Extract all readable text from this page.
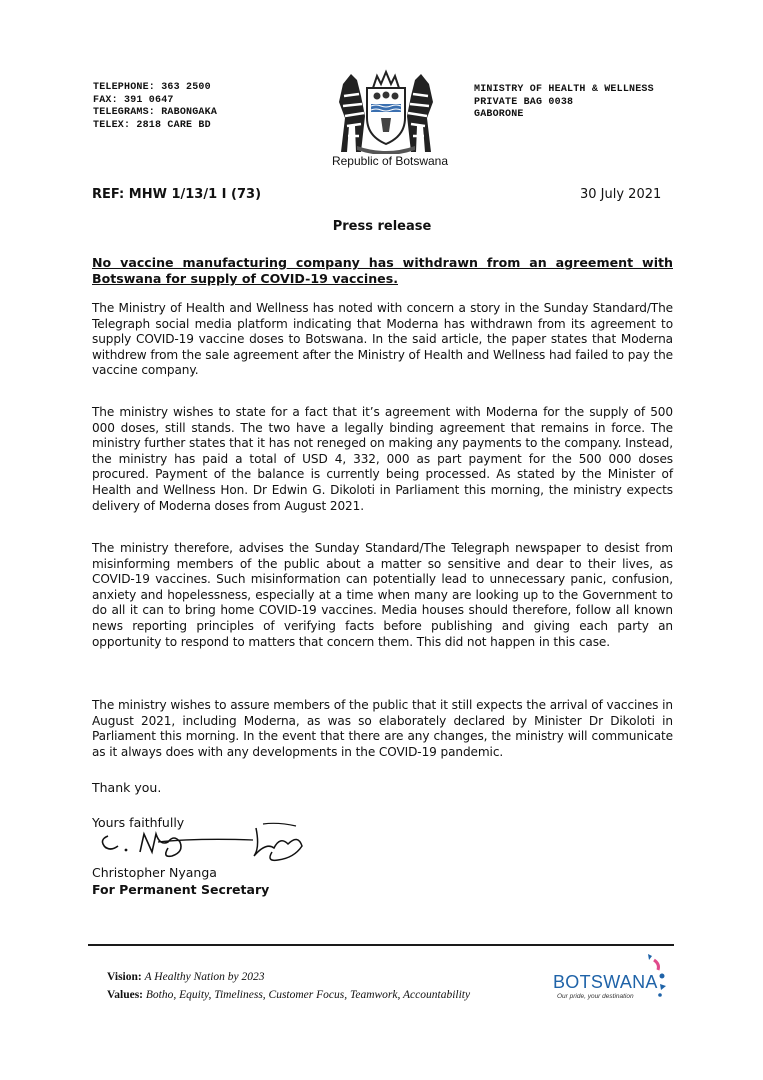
TELEPHONE: 363 2500
FAX: 391 0647
TELEGRAMS: RABONGAKA
TELEX: 2818 CARE BD
MINISTRY OF HEALTH & WELLNESS
PRIVATE BAG 0038
GABORONE
Republic of Botswana
REF: MHW 1/13/1 I (73)	30 July 2021
Press release
No vaccine manufacturing company has withdrawn from an agreement with Botswana for supply of COVID-19 vaccines.
The Ministry of Health and Wellness has noted with concern a story in the Sunday Standard/The Telegraph social media platform indicating that Moderna has withdrawn from its agreement to supply COVID-19 vaccine doses to Botswana. In the said article, the paper states that Moderna withdrew from the sale agreement after the Ministry of Health and Wellness had failed to pay the vaccine company.
The ministry wishes to state for a fact that it’s agreement with Moderna for the supply of 500 000 doses, still stands. The two have a legally binding agreement that remains in force. The ministry further states that it has not reneged on making any payments to the company. Instead, the ministry has paid a total of USD 4, 332, 000 as part payment for the 500 000 doses procured. Payment of the balance is currently being processed. As stated by the Minister of Health and Wellness Hon. Dr Edwin G. Dikoloti in Parliament this morning, the ministry expects delivery of Moderna doses from August 2021.
The ministry therefore, advises the Sunday Standard/The Telegraph newspaper to desist from misinforming members of the public about a matter so sensitive and dear to their lives, as COVID-19 vaccines. Such misinformation can potentially lead to unnecessary panic, confusion, anxiety and hopelessness, especially at a time when many are looking up to the Government to do all it can to bring home COVID-19 vaccines. Media houses should therefore, follow all known news reporting principles of verifying facts before publishing and giving each party an opportunity to respond to matters that concern them. This did not happen in this case.
The ministry wishes to assure members of the public that it still expects the arrival of vaccines in August 2021, including Moderna, as was so elaborately declared by Minister Dr Dikoloti in Parliament this morning. In the event that there are any changes, the ministry will communicate as it always does with any developments in the COVID-19 pandemic.
Thank you.
Yours faithfully
Christopher Nyanga
For Permanent Secretary
Vision: A Healthy Nation by 2023
Values: Botho, Equity, Timeliness, Customer Focus, Teamwork, Accountability
BOTSWANA
Our pride, your destination
